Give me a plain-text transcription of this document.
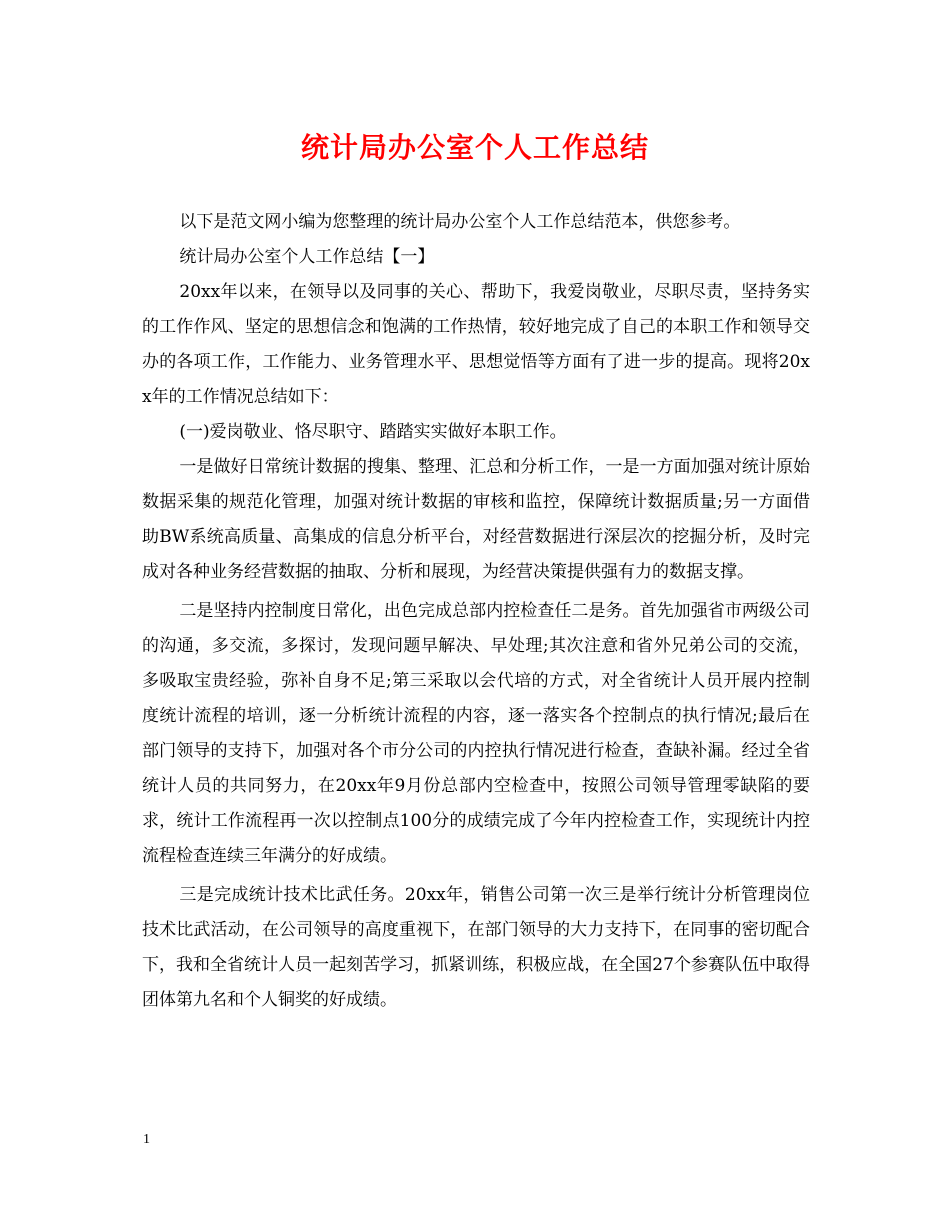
统计局办公室个人工作总结

以下是范文网小编为您整理的统计局办公室个人工作总结范本，供您参考。

统计局办公室个人工作总结【一】

20xx年以来，在领导以及同事的关心、帮助下，我爱岗敬业，尽职尽责，坚持务实的工作作风、坚定的思想信念和饱满的工作热情，较好地完成了自己的本职工作和领导交办的各项工作，工作能力、业务管理水平、思想觉悟等方面有了进一步的提高。现将20xx年的工作情况总结如下：

(一)爱岗敬业、恪尽职守、踏踏实实做好本职工作。

一是做好日常统计数据的搜集、整理、汇总和分析工作，一是一方面加强对统计原始数据采集的规范化管理，加强对统计数据的审核和监控，保障统计数据质量;另一方面借助BW系统高质量、高集成的信息分析平台，对经营数据进行深层次的挖掘分析，及时完成对各种业务经营数据的抽取、分析和展现，为经营决策提供强有力的数据支撑。

二是坚持内控制度日常化，出色完成总部内控检查任二是务。首先加强省市两级公司的沟通，多交流，多探讨，发现问题早解决、早处理;其次注意和省外兄弟公司的交流，多吸取宝贵经验，弥补自身不足;第三采取以会代培的方式，对全省统计人员开展内控制度统计流程的培训，逐一分析统计流程的内容，逐一落实各个控制点的执行情况;最后在部门领导的支持下，加强对各个市分公司的内控执行情况进行检查，查缺补漏。经过全省统计人员的共同努力，在20xx年9月份总部内空检查中，按照公司领导管理零缺陷的要求，统计工作流程再一次以控制点100分的成绩完成了今年内控检查工作，实现统计内控流程检查连续三年满分的好成绩。

三是完成统计技术比武任务。20xx年，销售公司第一次三是举行统计分析管理岗位技术比武活动，在公司领导的高度重视下，在部门领导的大力支持下，在同事的密切配合下，我和全省统计人员一起刻苦学习，抓紧训练，积极应战，在全国27个参赛队伍中取得团体第九名和个人铜奖的好成绩。

1
